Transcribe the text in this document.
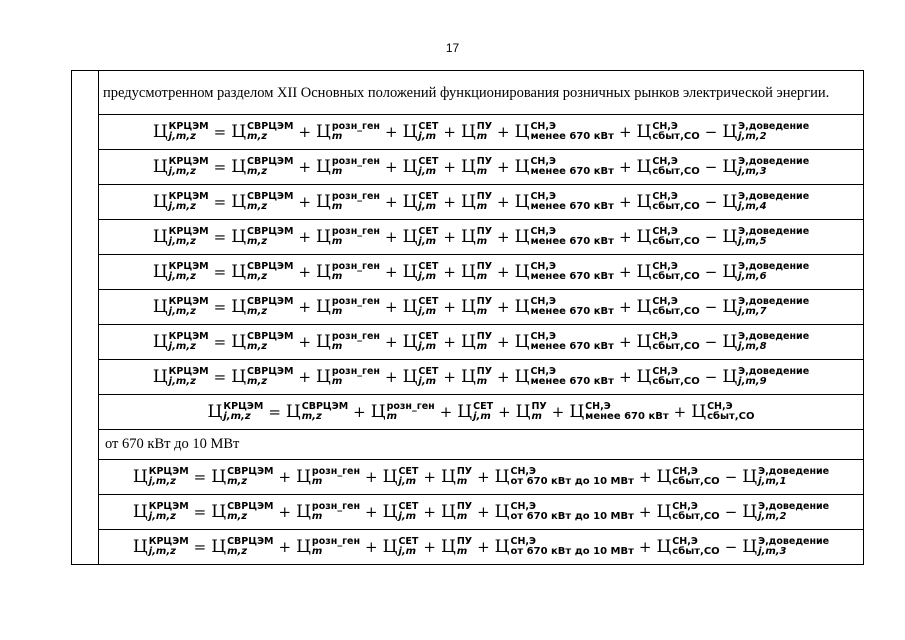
17
предусмотренном разделом XII Основных положений функционирования розничных рынков электрической энергии.
Ц КРЦЭМ
j,m,z	= Ц СВРЦЭМ
m,z	+ Ц розн_ген
m	+ Ц СЕТ
j,m + Ц ПУ
m + Ц СН,Э
менее 670 кВт + Ц СН,Э
сбыт,СО − Ц Э,доведение
j,m,2
Ц КРЦЭМ
j,m,z	= Ц СВРЦЭМ
m,z	+ Ц розн_ген
m	+ Ц СЕТ
j,m + Ц ПУ
m + Ц СН,Э
менее 670 кВт + Ц СН,Э
сбыт,СО − Ц Э,доведение
j,m,3
Ц КРЦЭМ
j,m,z	= Ц СВРЦЭМ
m,z	+ Ц розн_ген
m	+ Ц СЕТ
j,m + Ц ПУ
m + Ц СН,Э
менее 670 кВт + Ц СН,Э
сбыт,СО − Ц Э,доведение
j,m,4
Ц КРЦЭМ
j,m,z	= Ц СВРЦЭМ
m,z	+ Ц розн_ген
m	+ Ц СЕТ
j,m + Ц ПУ
m + Ц СН,Э
менее 670 кВт + Ц СН,Э
сбыт,СО − Ц Э,доведение
j,m,5
Ц КРЦЭМ
j,m,z	= Ц СВРЦЭМ
m,z	+ Ц розн_ген
m	+ Ц СЕТ
j,m + Ц ПУ
m + Ц СН,Э
менее 670 кВт + Ц СН,Э
сбыт,СО − Ц Э,доведение
j,m,6
Ц КРЦЭМ
j,m,z	= Ц СВРЦЭМ
m,z	+ Ц розн_ген
m	+ Ц СЕТ
j,m + Ц ПУ
m + Ц СН,Э
менее 670 кВт + Ц СН,Э
сбыт,СО − Ц Э,доведение
j,m,7
Ц КРЦЭМ
j,m,z	= Ц СВРЦЭМ
m,z	+ Ц розн_ген
m	+ Ц СЕТ
j,m + Ц ПУ
m + Ц СН,Э
менее 670 кВт + Ц СН,Э
сбыт,СО − Ц Э,доведение
j,m,8
Ц КРЦЭМ
j,m,z	= Ц СВРЦЭМ
m,z	+ Ц розн_ген
m	+ Ц СЕТ
j,m + Ц ПУ
m + Ц СН,Э
менее 670 кВт + Ц СН,Э
сбыт,СО − Ц Э,доведение
j,m,9
Ц КРЦЭМ
j,m,z	= Ц СВРЦЭМ
m,z	+ Ц розн_ген
m	+ Ц СЕТ
j,m + Ц ПУ
m + Ц СН,Э
менее 670 кВт + Ц СН,Э
сбыт,СО
от 670 кВт до 10 МВт
Ц КРЦЭМ
j,m,z	= Ц СВРЦЭМ
m,z	+ Ц розн_ген
m	+ Ц СЕТ
j,m + Ц ПУ
m + Ц СН,Э
от 670 кВт до 10 МВт + Ц СН,Э
сбыт,СО − Ц Э,доведение
j,m,1
Ц КРЦЭМ
j,m,z	= Ц СВРЦЭМ
m,z	+ Ц розн_ген
m	+ Ц СЕТ
j,m + Ц ПУ
m + Ц СН,Э
от 670 кВт до 10 МВт + Ц СН,Э
сбыт,СО − Ц Э,доведение
j,m,2
Ц КРЦЭМ
j,m,z	= Ц СВРЦЭМ
m,z	+ Ц розн_ген
m	+ Ц СЕТ
j,m + Ц ПУ
m + Ц СН,Э
от 670 кВт до 10 МВт + Ц СН,Э
сбыт,СО − Ц Э,доведение
j,m,3
